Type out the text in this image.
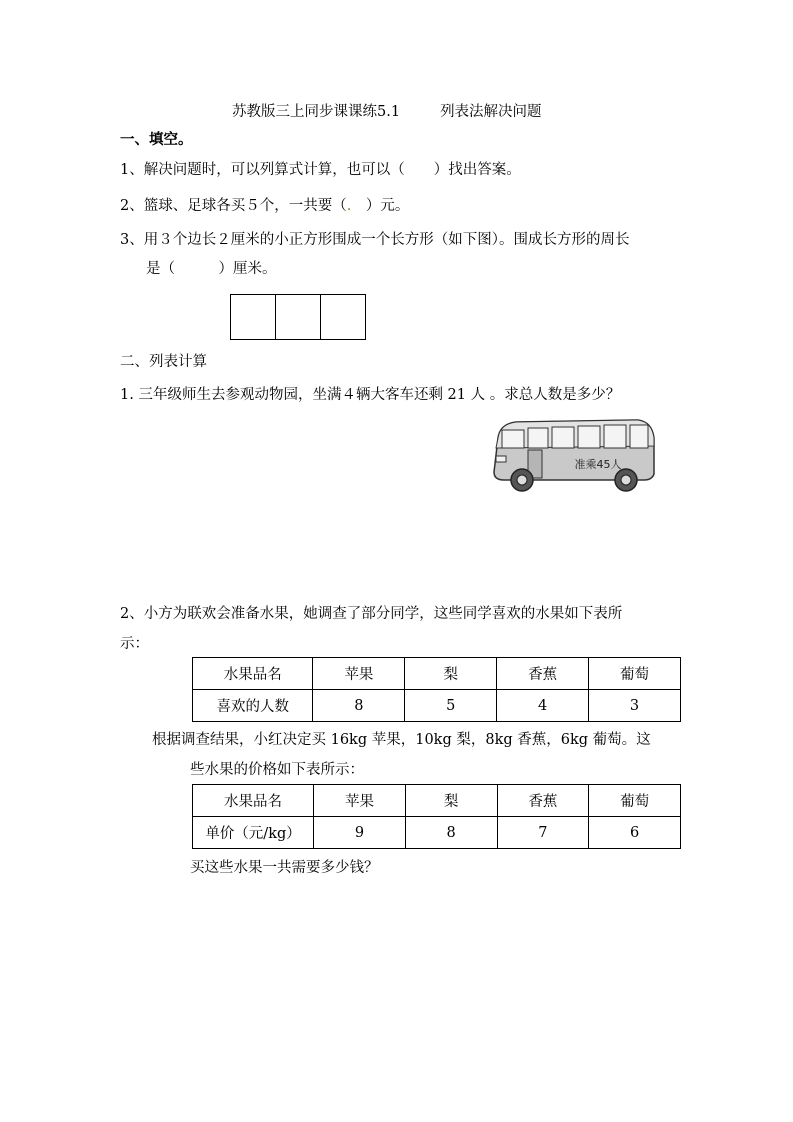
苏教版三上同步课课练5.1	列表法解决问题
一、填空。
1、解决问题时，可以列算式计算，也可以（　　）找出答案。
2、篮球、足球各买５个，一共要（.　）元。
3、用３个边长２厘米的小正方形围成一个长方形（如下图）。围成长方形的周长
是（　　　）厘米。
二、列表计算
1. 三年级师生去参观动物园，坐满４辆大客车还剩 21 人 。求总人数是多少？
准乘45人
2、小方为联欢会准备水果，她调查了部分同学，这些同学喜欢的水果如下表所
示：
水果品名	苹果	梨	香蕉	葡萄
喜欢的人数	8	5	4	3
根据调查结果，小红决定买 16kg 苹果，10kg 梨，8kg 香蕉，6kg 葡萄。这
些水果的价格如下表所示：
水果品名	苹果	梨	香蕉	葡萄
单价（元/kg）	9	8	7	6
买这些水果一共需要多少钱？
